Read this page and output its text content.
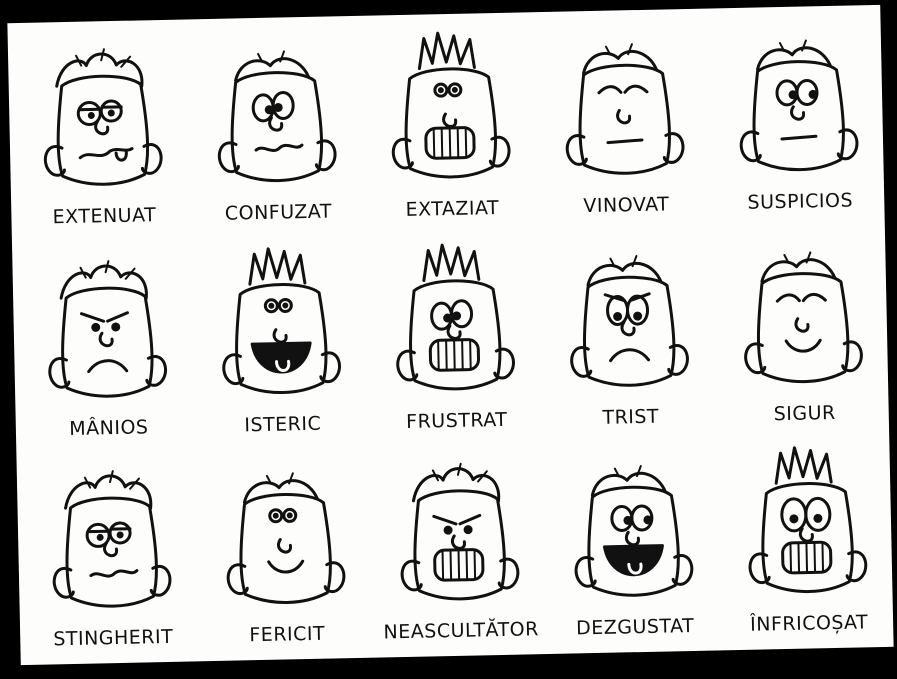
EXTENUAT	CONFUZAT	EXTAZIAT	VINOVAT	SUSPICIOS
MÂNIOS	ISTERIC	FRUSTRAT	TRIST	SIGUR
STINGHERIT	FERICIT	NEASCULTĂTOR	DEZGUSTAT	ÎNFRICOȘAT
